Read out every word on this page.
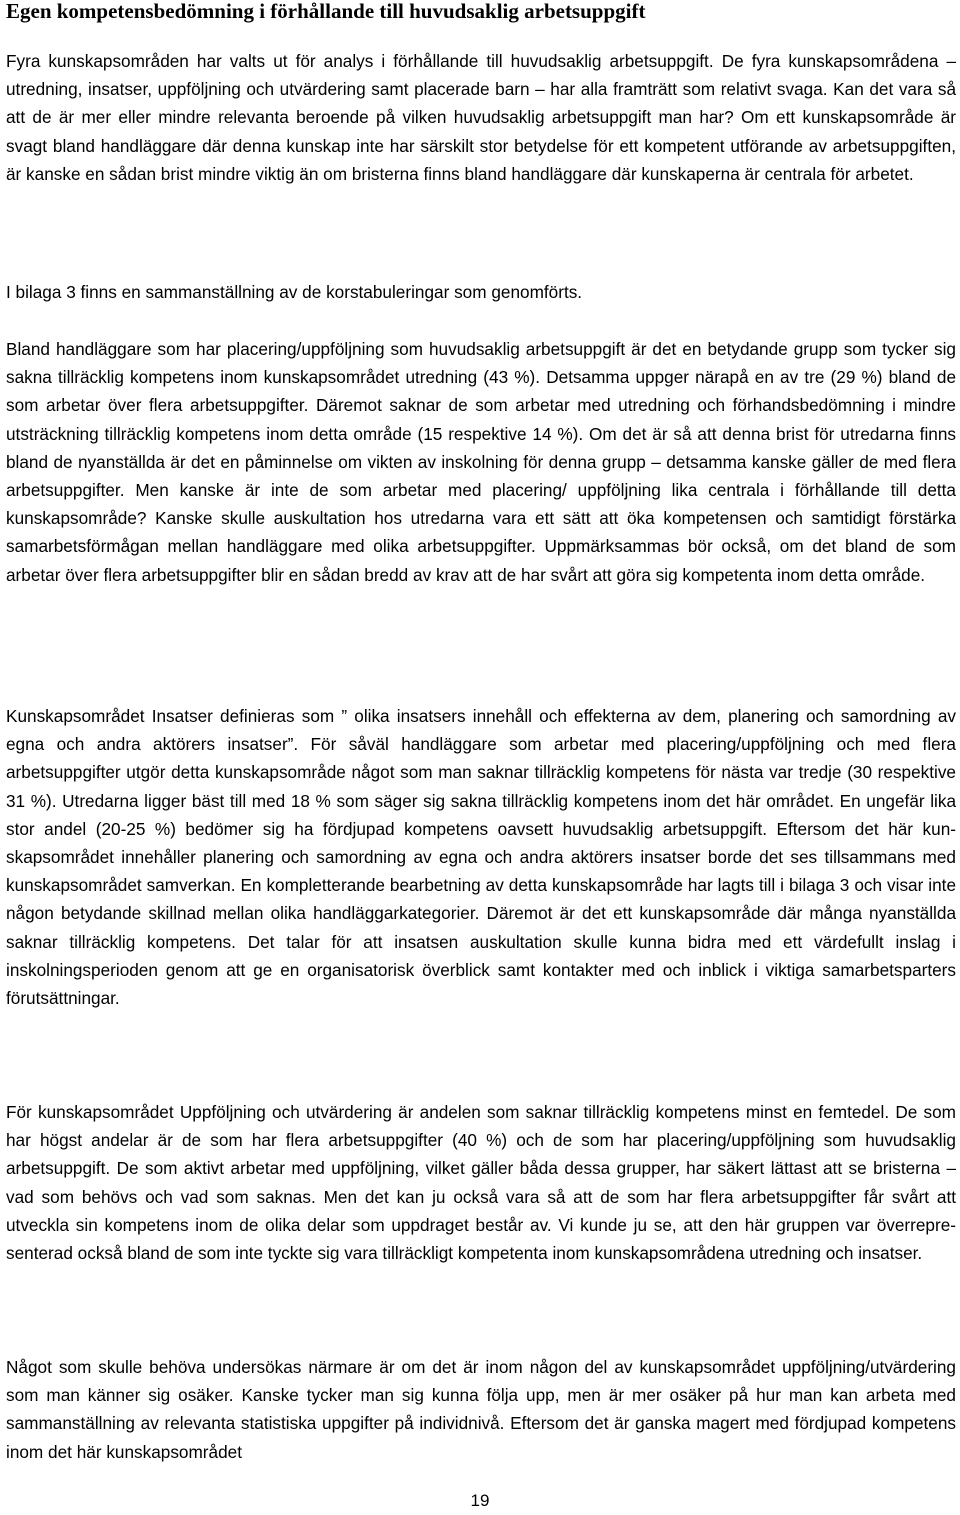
Egen kompetensbedömning i förhållande till huvudsaklig arbetsuppgift

Fyra kunskapsområden har valts ut för analys i förhållande till huvudsaklig arbetsuppgift. De fyra kunskapsområdena – utredning, insatser, uppföljning och utvärdering samt placerade barn – har alla framträtt som relativt svaga. Kan det vara så att de är mer eller mindre relevanta beroende på vilken huvudsaklig arbetsuppgift man har? Om ett kunskapsområde är svagt bland handläggare där denna kunskap inte har särskilt stor betydelse för ett kompetent utförande av arbetsuppgiften, är kanske en sådan brist mindre viktig än om bristerna finns bland handläggare där kunskaperna är centrala för arbetet.

I bilaga 3 finns en sammanställning av de korstabuleringar som genomförts.

Bland handläggare som har placering/uppföljning som huvudsaklig arbetsuppgift är det en betydande grupp som tycker sig sakna tillräcklig kompetens inom kunskapsområdet utredning (43 %). Detsamma uppger närapå en av tre (29 %) bland de som arbetar över flera arbetsuppgifter. Däremot saknar de som arbetar med utredning och förhandsbedömning i mindre utsträckning tillräcklig kompetens inom detta område (15 respektive 14 %). Om det är så att denna brist för utredarna finns bland de nyanställda är det en påminnelse om vikten av inskolning för denna grupp – detsamma kanske gäller de med flera arbetsuppgifter. Men kanske är inte de som arbetar med placering/ uppföljning lika centrala i förhållande till detta kunskapsområde? Kanske skulle auskultation hos utredarna vara ett sätt att öka kompetensen och samtidigt förstärka samarbetsförmågan mellan handläggare med olika arbetsuppgifter. Uppmärksammas bör också, om det bland de som arbetar över flera arbetsuppgifter blir en sådan bredd av krav att de har svårt att göra sig kompetenta inom detta område.

Kunskapsområdet Insatser definieras som ” olika insatsers innehåll och effekterna av dem, planering och samordning av egna och andra aktörers insatser”. För såväl handläggare som arbetar med placering/uppföljning och med flera arbetsuppgifter utgör detta kunskapsområde något som man saknar tillräcklig kompetens för nästa var tredje (30 respektive 31 %). Utredarna ligger bäst till med 18 % som säger sig sakna tillräcklig kompetens inom det här området. En ungefär lika stor andel (20-25 %) bedömer sig ha fördjupad kompetens oavsett huvudsaklig arbetsuppgift. Eftersom det här kunskapsområdet innehåller planering och samordning av egna och andra aktörers insatser borde det ses tillsammans med kunskapsområdet samverkan. En kompletterande bearbetning av detta kunskapsområde har lagts till i bilaga 3 och visar inte någon betydande skillnad mellan olika handläggarkategorier. Däremot är det ett kunskapsområde där många nyanställda saknar tillräcklig kompetens. Det talar för att insatsen auskultation skulle kunna bidra med ett värdefullt inslag i inskolningsperioden genom att ge en organisatorisk överblick samt kontakter med och inblick i viktiga samarbetsparters förutsättningar.

För kunskapsområdet Uppföljning och utvärdering är andelen som saknar tillräcklig kompetens minst en femtedel. De som har högst andelar är de som har flera arbetsuppgifter (40 %) och de som har placering/uppföljning som huvudsaklig arbetsuppgift. De som aktivt arbetar med uppföljning, vilket gäller båda dessa grupper, har säkert lättast att se bristerna – vad som behövs och vad som saknas. Men det kan ju också vara så att de som har flera arbetsuppgifter får svårt att utveckla sin kompetens inom de olika delar som uppdraget består av. Vi kunde ju se, att den här gruppen var överrepresenterad också bland de som inte tyckte sig vara tillräckligt kompetenta inom kunskapsområdena utredning och insatser.

Något som skulle behöva undersökas närmare är om det är inom någon del av kunskapsområdet uppföljning/utvärdering som man känner sig osäker. Kanske tycker man sig kunna följa upp, men är mer osäker på hur man kan arbeta med sammanställning av relevanta statistiska uppgifter på individnivå. Eftersom det är ganska magert med fördjupad kompetens inom det här kunskapsområdet

19
